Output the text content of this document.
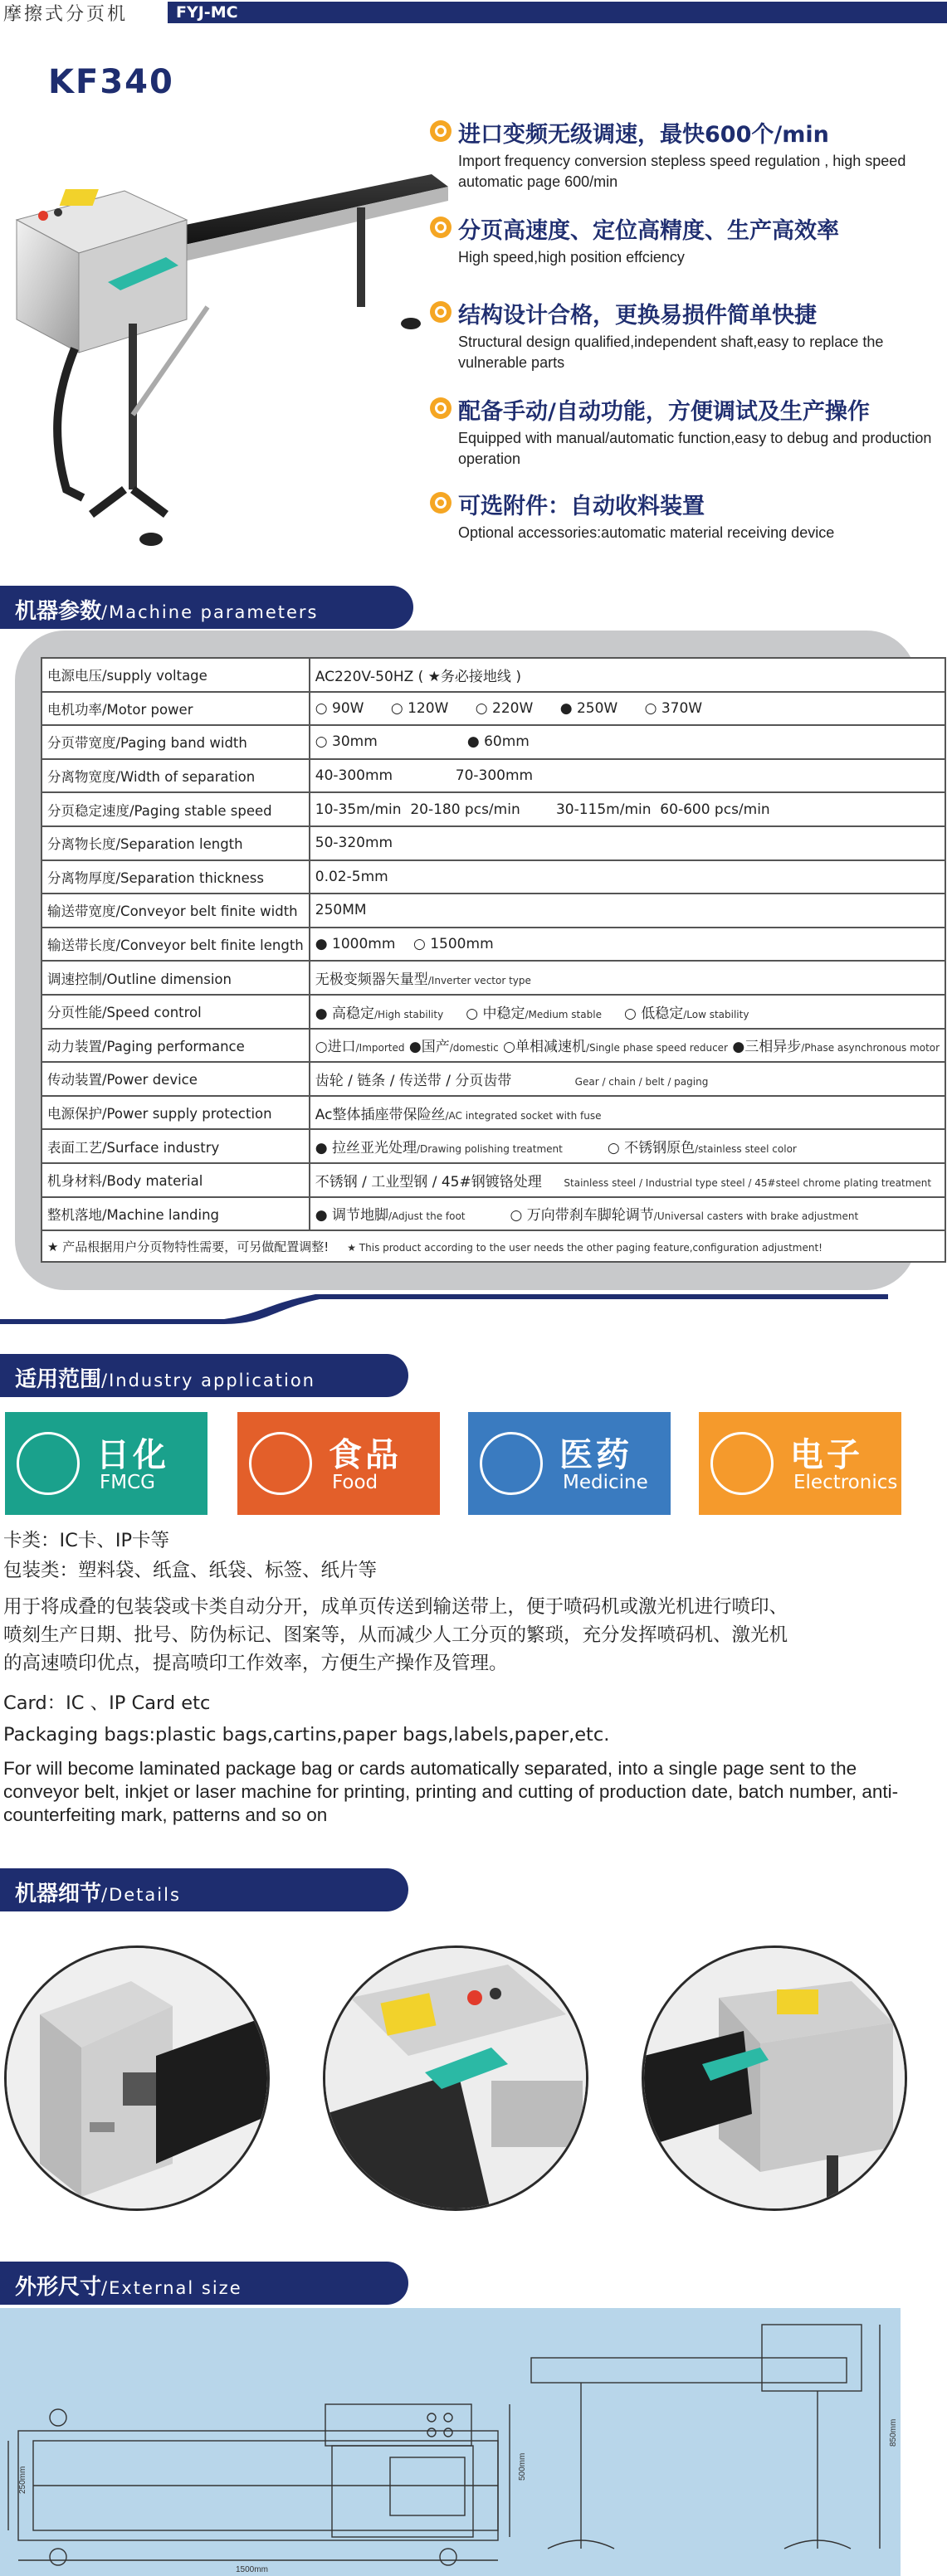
摩擦式分页机	FYJ-MC
KF340
进口变频无级调速，最快600个/min
Import frequency conversion stepless speed regulation , high speed automatic page 600/min
分页高速度、定位高精度、生产高效率
High speed,high position effciency
结构设计合格，更换易损件简单快捷
Structural design qualified,independent shaft,easy to replace the vulnerable parts
配备手动/自动功能，方便调试及生产操作
Equipped with manual/automatic function,easy to debug and production operation
可选附件：自动收料装置
Optional accessories:automatic material receiving device
机器参数/Machine parameters
电源电压/supply voltage	AC220V-50HZ ( ★务必接地线 )
电机功率/Motor power	○ 90W      ○ 120W      ○ 220W      ● 250W      ○ 370W
分页带宽度/Paging band width	○ 30mm                    ● 60mm
分离物宽度/Width of separation	40-300mm              70-300mm
分页稳定速度/Paging stable speed	10-35m/min  20-180 pcs/min        30-115m/min  60-600 pcs/min
分离物长度/Separation length	50-320mm
分离物厚度/Separation thickness	0.02-5mm
输送带宽度/Conveyor belt finite width	250MM
输送带长度/Conveyor belt finite length	● 1000mm    ○ 1500mm
调速控制/Outline dimension	无极变频器矢量型/Inverter vector type
分页性能/Speed control	● 高稳定/High stability     ○ 中稳定/Medium stable     ○ 低稳定/Low stability
动力装置/Paging performance	○进口/Imported ●国产/domestic ○单相减速机/Single phase speed reducer ●三相异步/Phase asynchronous motor
传动装置/Power device	齿轮 / 链条 / 传送带 / 分页齿带                    Gear / chain / belt / paging
电源保护/Power supply protection	Ac整体插座带保险丝/AC integrated socket with fuse
表面工艺/Surface industry	● 拉丝亚光处理/Drawing polishing treatment          ○ 不锈钢原色/stainless steel color
机身材料/Body material	不锈钢 / 工业型钢 / 45#钢镀铬处理       Stainless steel / Industrial type steel / 45#steel chrome plating treatment
整机落地/Machine landing	● 调节地脚/Adjust the foot          ○ 万向带刹车脚轮调节/Universal casters with brake adjustment
★ 产品根据用户分页物特性需要，可另做配置调整! ★ This product according to the user needs the other paging feature,configuration adjustment!	
适用范围/Industry application
日化
FMCG
食品
Food
医药
Medicine
电子
Electronics
卡类：IC卡、IP卡等
包装类：塑料袋、纸盒、纸袋、标签、纸片等
用于将成叠的包装袋或卡类自动分开，成单页传送到输送带上，便于喷码机或激光机进行喷印、
喷刻生产日期、批号、防伪标记、图案等，从而减少人工分页的繁琐，充分发挥喷码机、激光机
的高速喷印优点，提高喷印工作效率，方便生产操作及管理。
Card：IC 、IP Card etc
Packaging bags:plastic bags,cartins,paper bags,labels,paper,etc.
For will become laminated package bag or cards automatically separated, into a single page sent to the conveyor belt, inkjet or laser machine for printing, printing and cutting of production date, batch number, anti-counterfeiting mark, patterns and so on
机器细节/Details
外形尺寸/External size
1500mm
250mm	500mm
850mm
